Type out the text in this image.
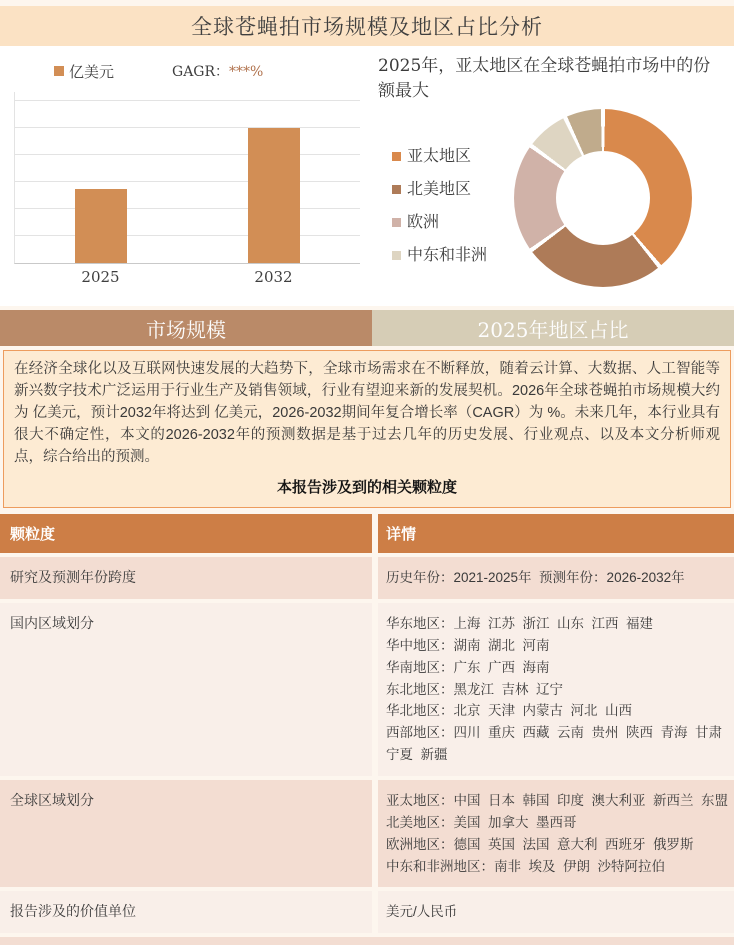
全球苍蝇拍市场规模及地区占比分析
亿美元	GAGR：***%
2025	2032
2025年，亚太地区在全球苍蝇拍市场中的份额最大
亚太地区
北美地区
欧洲
中东和非洲
市场规模	2025年地区占比
在经济全球化以及互联网快速发展的大趋势下，全球市场需求在不断释放，随着云计算、大数据、人工智能等新兴数字技术广泛运用于行业生产及销售领域，行业有望迎来新的发展契机。2026年全球苍蝇拍市场规模大约为 亿美元，预计2032年将达到 亿美元，2026-2032期间年复合增长率（CAGR）为 %。未来几年，本行业具有很大不确定性，本文的2026-2032年的预测数据是基于过去几年的历史发展、行业观点、以及本文分析师观点，综合给出的预测。
本报告涉及到的相关颗粒度
颗粒度	详情
研究及预测年份跨度	历史年份：2021-2025年  预测年份：2026-2032年
国内区域划分	华东地区：上海  江苏  浙江  山东  江西  福建
华中地区：湖南  湖北  河南
华南地区：广东  广西  海南
东北地区：黑龙江  吉林  辽宁
华北地区：北京  天津  内蒙古  河北  山西
西部地区：四川  重庆  西藏  云南  贵州  陕西  青海  甘肃  宁夏  新疆
全球区域划分	亚太地区：中国  日本  韩国  印度  澳大利亚  新西兰  东盟
北美地区：美国  加拿大  墨西哥
欧洲地区：德国  英国  法国  意大利  西班牙  俄罗斯
中东和非洲地区：南非  埃及  伊朗  沙特阿拉伯
报告涉及的价值单位	美元/人民币
